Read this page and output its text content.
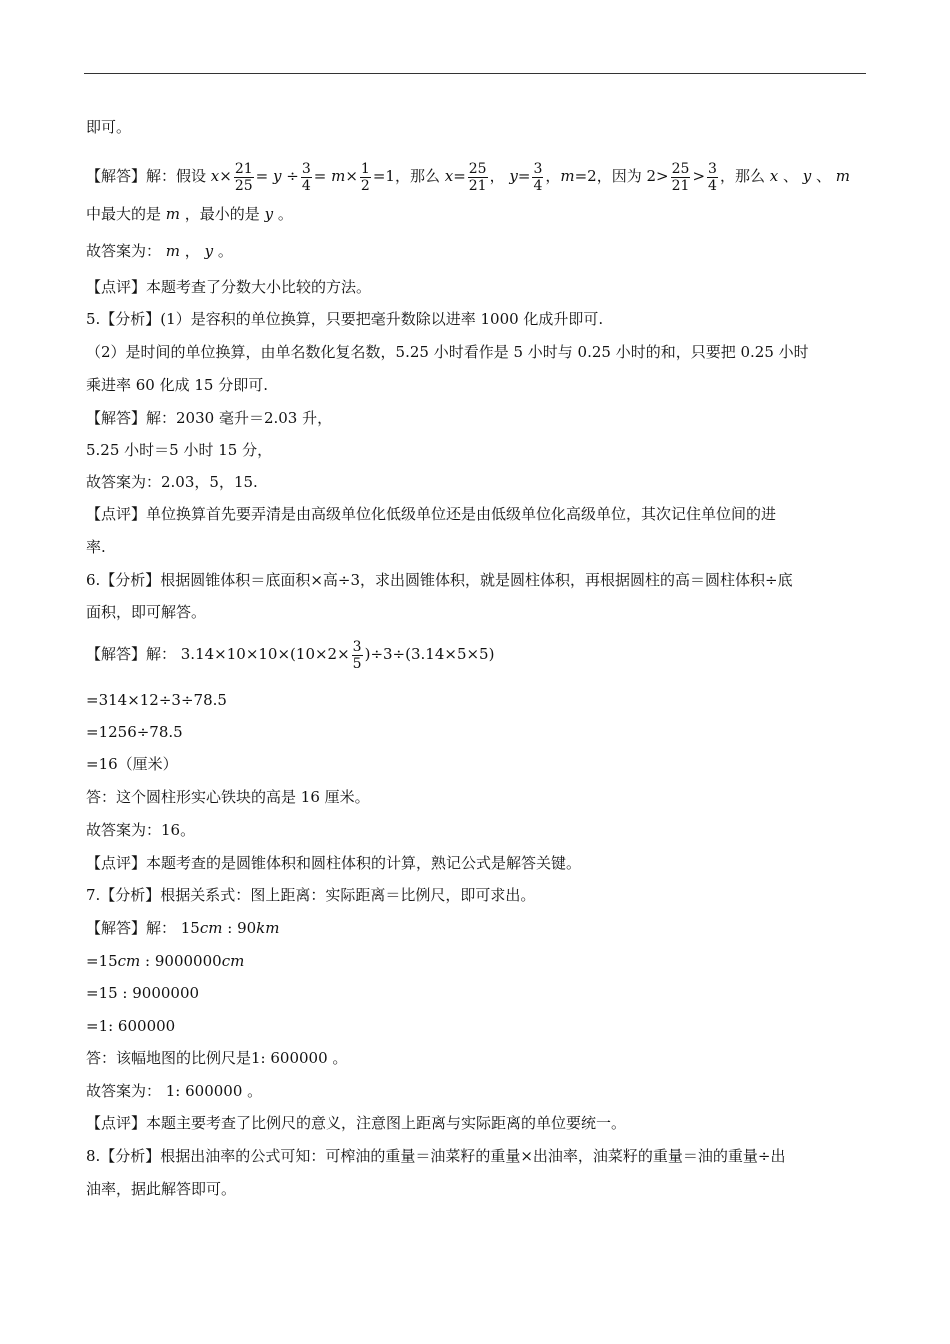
即可。
【解答】解：假设 $x\times \frac{21}{25} = y \div \frac{3}{4} = m\times \frac{1}{2} =1$，那么 $x= \frac{25}{21}$ ， $y= \frac{3}{4}$ ，m=2，因为 $2> \frac{25}{21} > \frac{3}{4}$ ，那么 x 、 y 、 m
中最大的是 m ，最小的是 y 。
故答案为： m ， y 。
【点评】本题考查了分数大小比较的方法。
5.【分析】(1）是容积的单位换算，只要把毫升数除以进率 1000 化成升即可.
（2）是时间的单位换算，由单名数化复名数，5.25 小时看作是 5 小时与 0.25 小时的和，只要把 0.25 小时
乘进率 60 化成 15 分即可.
【解答】解：2030 毫升＝2.03 升，
5.25 小时＝5 小时 15 分，
故答案为：2.03，5，15.
【点评】单位换算首先要弄清是由高级单位化低级单位还是由低级单位化高级单位，其次记住单位间的进
率.
6.【分析】根据圆锥体积＝底面积×高÷3，求出圆锥体积，就是圆柱体积，再根据圆柱的高＝圆柱体积÷底
面积，即可解答。
【解答】解： $3.14\times 10\times 10\times(10\times 2\times \frac{3}{5} )\div 3\div(3.14\times 5\times 5)$
=314×12÷3÷78.5
=1256÷78.5
=16（厘米）
答：这个圆柱形实心铁块的高是 16 厘米。
故答案为：16。
【点评】本题考查的是圆锥体积和圆柱体积的计算，熟记公式是解答关键。
7.【分析】根据关系式：图上距离：实际距离＝比例尺，即可求出。
【解答】解： 15cm : 90km
=15cm : 9000000cm
=15 : 9000000
=1: 600000
答：该幅地图的比例尺是1: 600000 。
故答案为： 1: 600000 。
【点评】本题主要考查了比例尺的意义，注意图上距离与实际距离的单位要统一。
8.【分析】根据出油率的公式可知：可榨油的重量＝油菜籽的重量×出油率，油菜籽的重量＝油的重量÷出
油率，据此解答即可。
